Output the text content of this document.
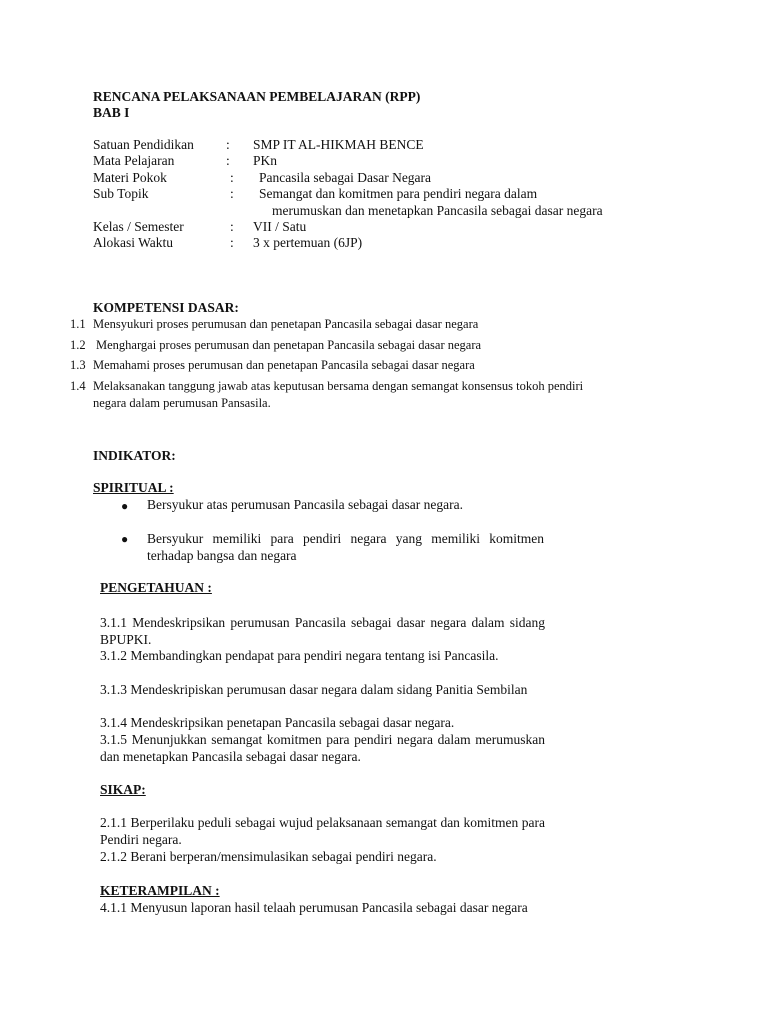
RENCANA PELAKSANAAN PEMBELAJARAN (RPP)
BAB I
Satuan Pendidikan : SMP IT AL-HIKMAH BENCE
Mata Pelajaran	: PKn
Materi Pokok	: Pancasila sebagai Dasar Negara
Sub Topik	: Semangat dan komitmen para pendiri negara dalam
merumuskan dan menetapkan Pancasila sebagai dasar negara
Kelas / Semester	: VII / Satu
Alokasi Waktu	: 3 x pertemuan (6JP)
KOMPETENSI DASAR:
1.1 Mensyukuri proses perumusan dan penetapan Pancasila sebagai dasar negara
1.2 Menghargai proses perumusan dan penetapan Pancasila sebagai dasar negara
1.3 Memahami proses perumusan dan penetapan Pancasila sebagai dasar negara
1.4 Melaksanakan tanggung jawab atas keputusan bersama dengan semangat konsensus tokoh pendiri
negara dalam perumusan Pansasila.
INDIKATOR:
SPIRITUAL :
● Bersyukur atas perumusan Pancasila sebagai dasar negara.
● Bersyukur memiliki para pendiri negara yang memiliki komitmen terhadap bangsa dan negara
PENGETAHUAN :
3.1.1 Mendeskripsikan perumusan Pancasila sebagai dasar negara dalam sidang BPUPKI.
3.1.2 Membandingkan pendapat para pendiri negara tentang isi Pancasila.
3.1.3 Mendeskripiskan perumusan dasar negara dalam sidang Panitia Sembilan
3.1.4 Mendeskripsikan penetapan Pancasila sebagai dasar negara.
3.1.5 Menunjukkan semangat komitmen para pendiri negara dalam merumuskan dan menetapkan Pancasila sebagai dasar negara.
SIKAP:
2.1.1 Berperilaku peduli sebagai wujud pelaksanaan semangat dan komitmen para Pendiri negara.
2.1.2 Berani berperan/mensimulasikan sebagai pendiri negara.
KETERAMPILAN :
4.1.1 Menyusun laporan hasil telaah perumusan Pancasila sebagai dasar negara
